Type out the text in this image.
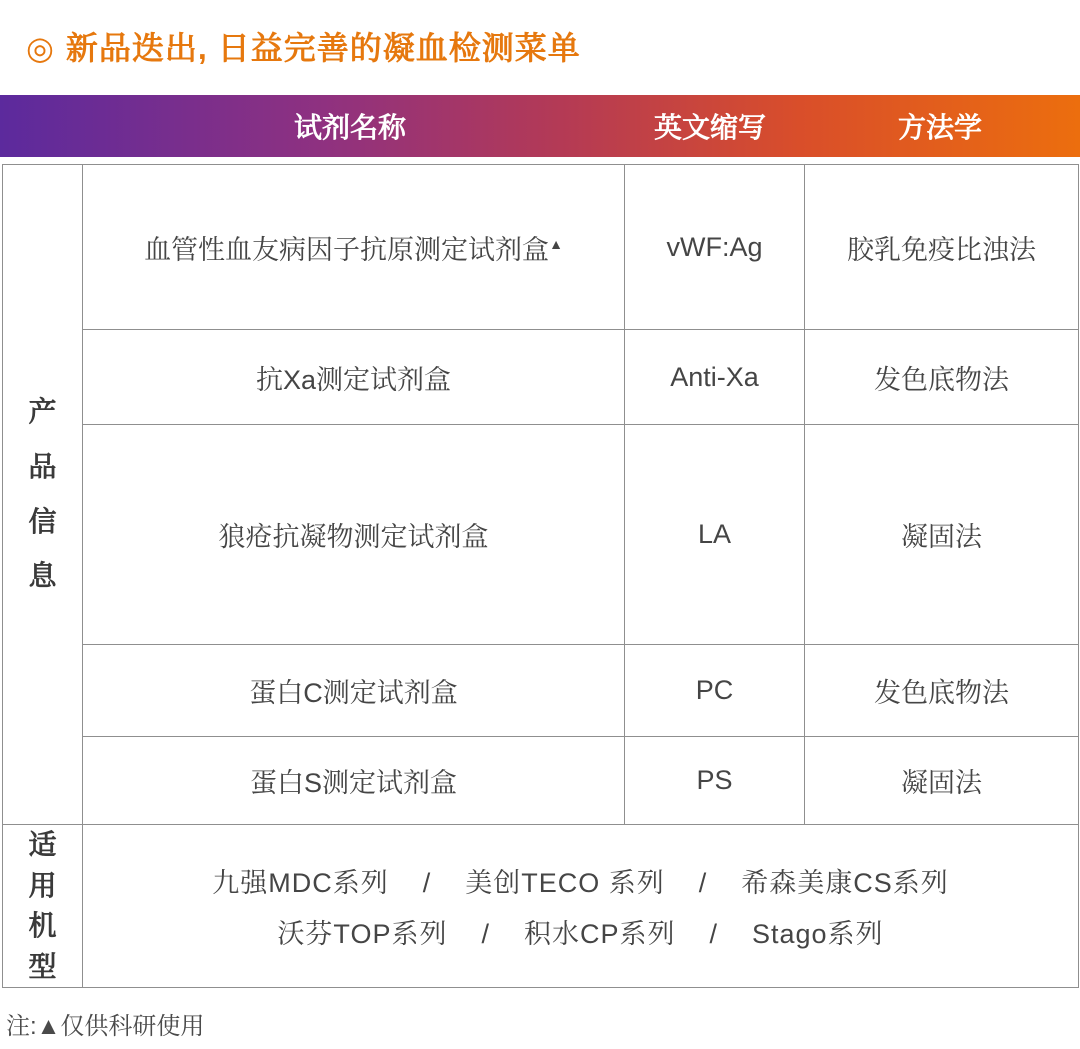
◎ 新品迭出, 日益完善的凝血检测菜单
试剂名称	英文缩写	方法学
产品信息	血管性血友病因子抗原测定试剂盒▲	vWF:Ag	胶乳免疫比浊法
	抗Xa测定试剂盒	Anti-Xa	发色底物法
	狼疮抗凝物测定试剂盒	LA	凝固法
	蛋白C测定试剂盒	PC	发色底物法
	蛋白S测定试剂盒	PS	凝固法
适用机型	九强MDC系列    /    美创TECO 系列    /    希森美康CS系列
沃芬TOP系列    /    积水CP系列    /    Stago系列		
注:▲仅供科研使用
